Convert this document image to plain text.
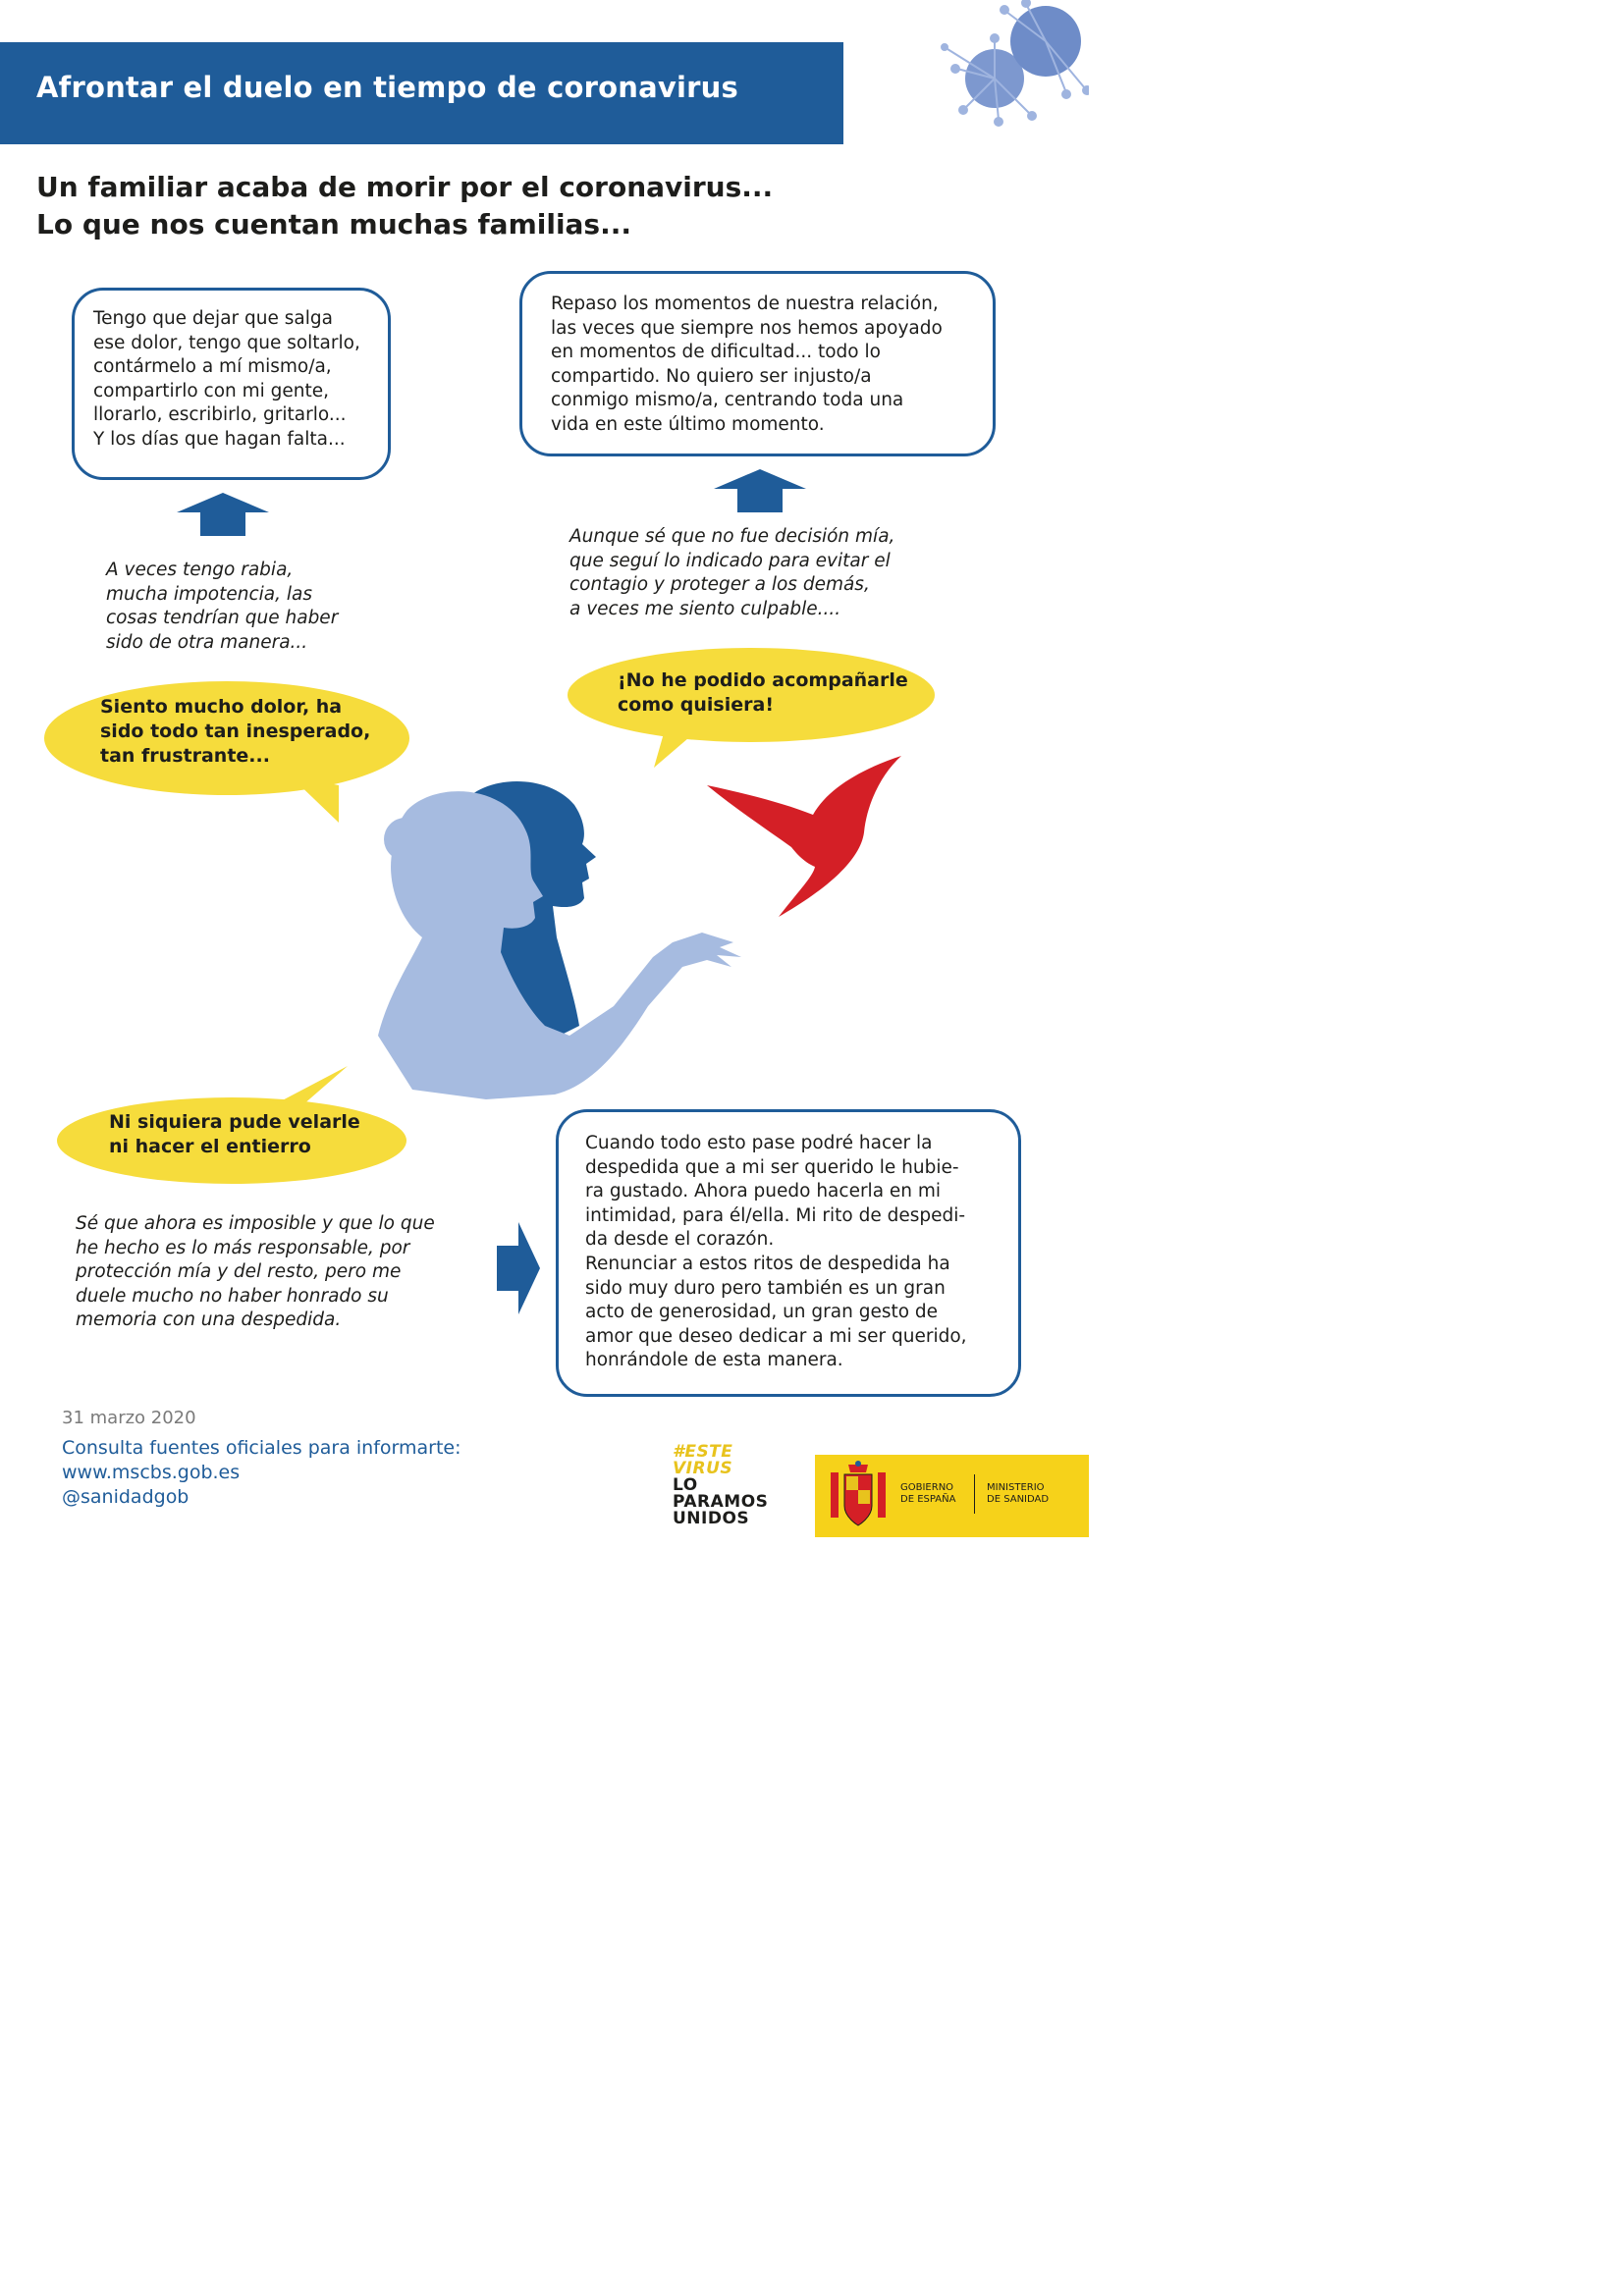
Afrontar el duelo en tiempo de coronavirus
Un familiar acaba de morir por el coronavirus...
Lo que nos cuentan muchas familias...
Tengo que dejar que salga
ese dolor, tengo que soltarlo,
contármelo a mí mismo/a,
compartirlo con mi gente,
llorarlo, escribirlo, gritarlo...
Y los días que hagan falta...
Repaso los momentos de nuestra relación,
las veces que siempre nos hemos apoyado
en momentos de dificultad... todo lo
compartido. No quiero ser injusto/a
conmigo mismo/a, centrando toda una
vida en este último momento.
A veces tengo rabia,
mucha impotencia, las
cosas tendrían que haber
sido de otra manera...
Aunque sé que no fue decisión mía,
que seguí lo indicado para evitar el
contagio y proteger a los demás,
a veces me siento culpable....
Siento mucho dolor, ha
sido todo tan inesperado,
tan frustrante...
¡No he podido acompañarle
como quisiera!
Ni siquiera pude velarle
ni hacer el entierro
Sé que ahora es imposible y que lo que
he hecho es lo más responsable, por
protección mía y del resto, pero me
duele mucho no haber honrado su
memoria con una despedida.
Cuando todo esto pase podré hacer la
despedida que a mi ser querido le hubie-
ra gustado. Ahora puedo hacerla en mi
intimidad, para él/ella. Mi rito de despedi-
da desde el corazón.
Renunciar a estos ritos de despedida ha
sido muy duro pero también es un gran
acto de generosidad, un gran gesto de
amor que deseo dedicar a mi ser querido,
honrándole de esta manera.
31 marzo 2020
Consulta fuentes oficiales para informarte:
www.mscbs.gob.es
@sanidadgob
#ESTE
VIRUS
LO
PARAMOS
UNIDOS
GOBIERNO
DE ESPAÑA
MINISTERIO
DE SANIDAD
